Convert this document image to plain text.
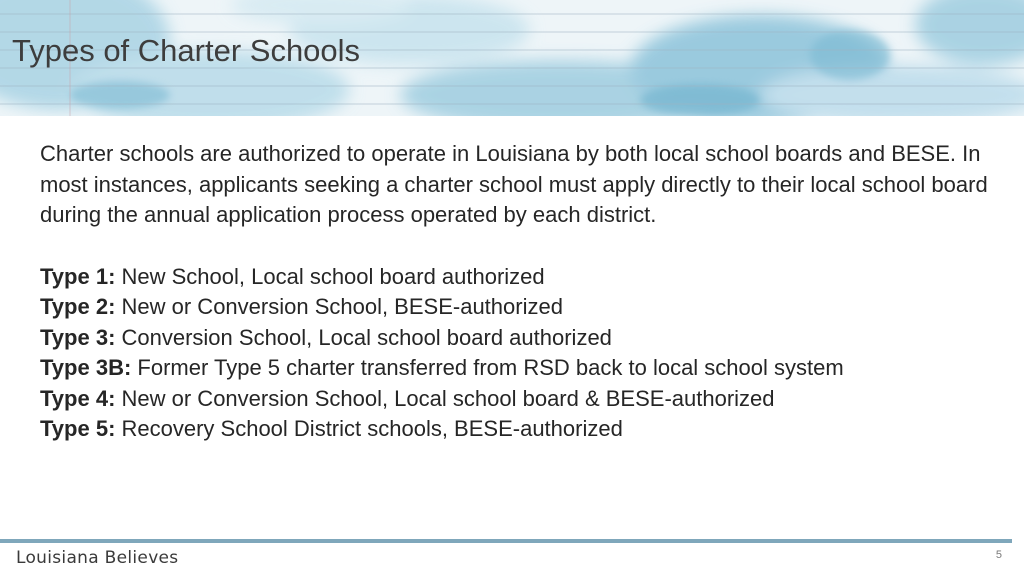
Types of Charter Schools

Charter schools are authorized to operate in Louisiana by both local school boards and BESE. In most instances, applicants seeking a charter school must apply directly to their local school board during the annual application process operated by each district.

Type 1: New School, Local school board authorized
Type 2: New or Conversion School, BESE-authorized
Type 3: Conversion School, Local school board authorized
Type 3B: Former Type 5 charter transferred from RSD back to local school system
Type 4: New or Conversion School, Local school board & BESE-authorized
Type 5: Recovery School District schools, BESE-authorized
Louisiana Believes	5
